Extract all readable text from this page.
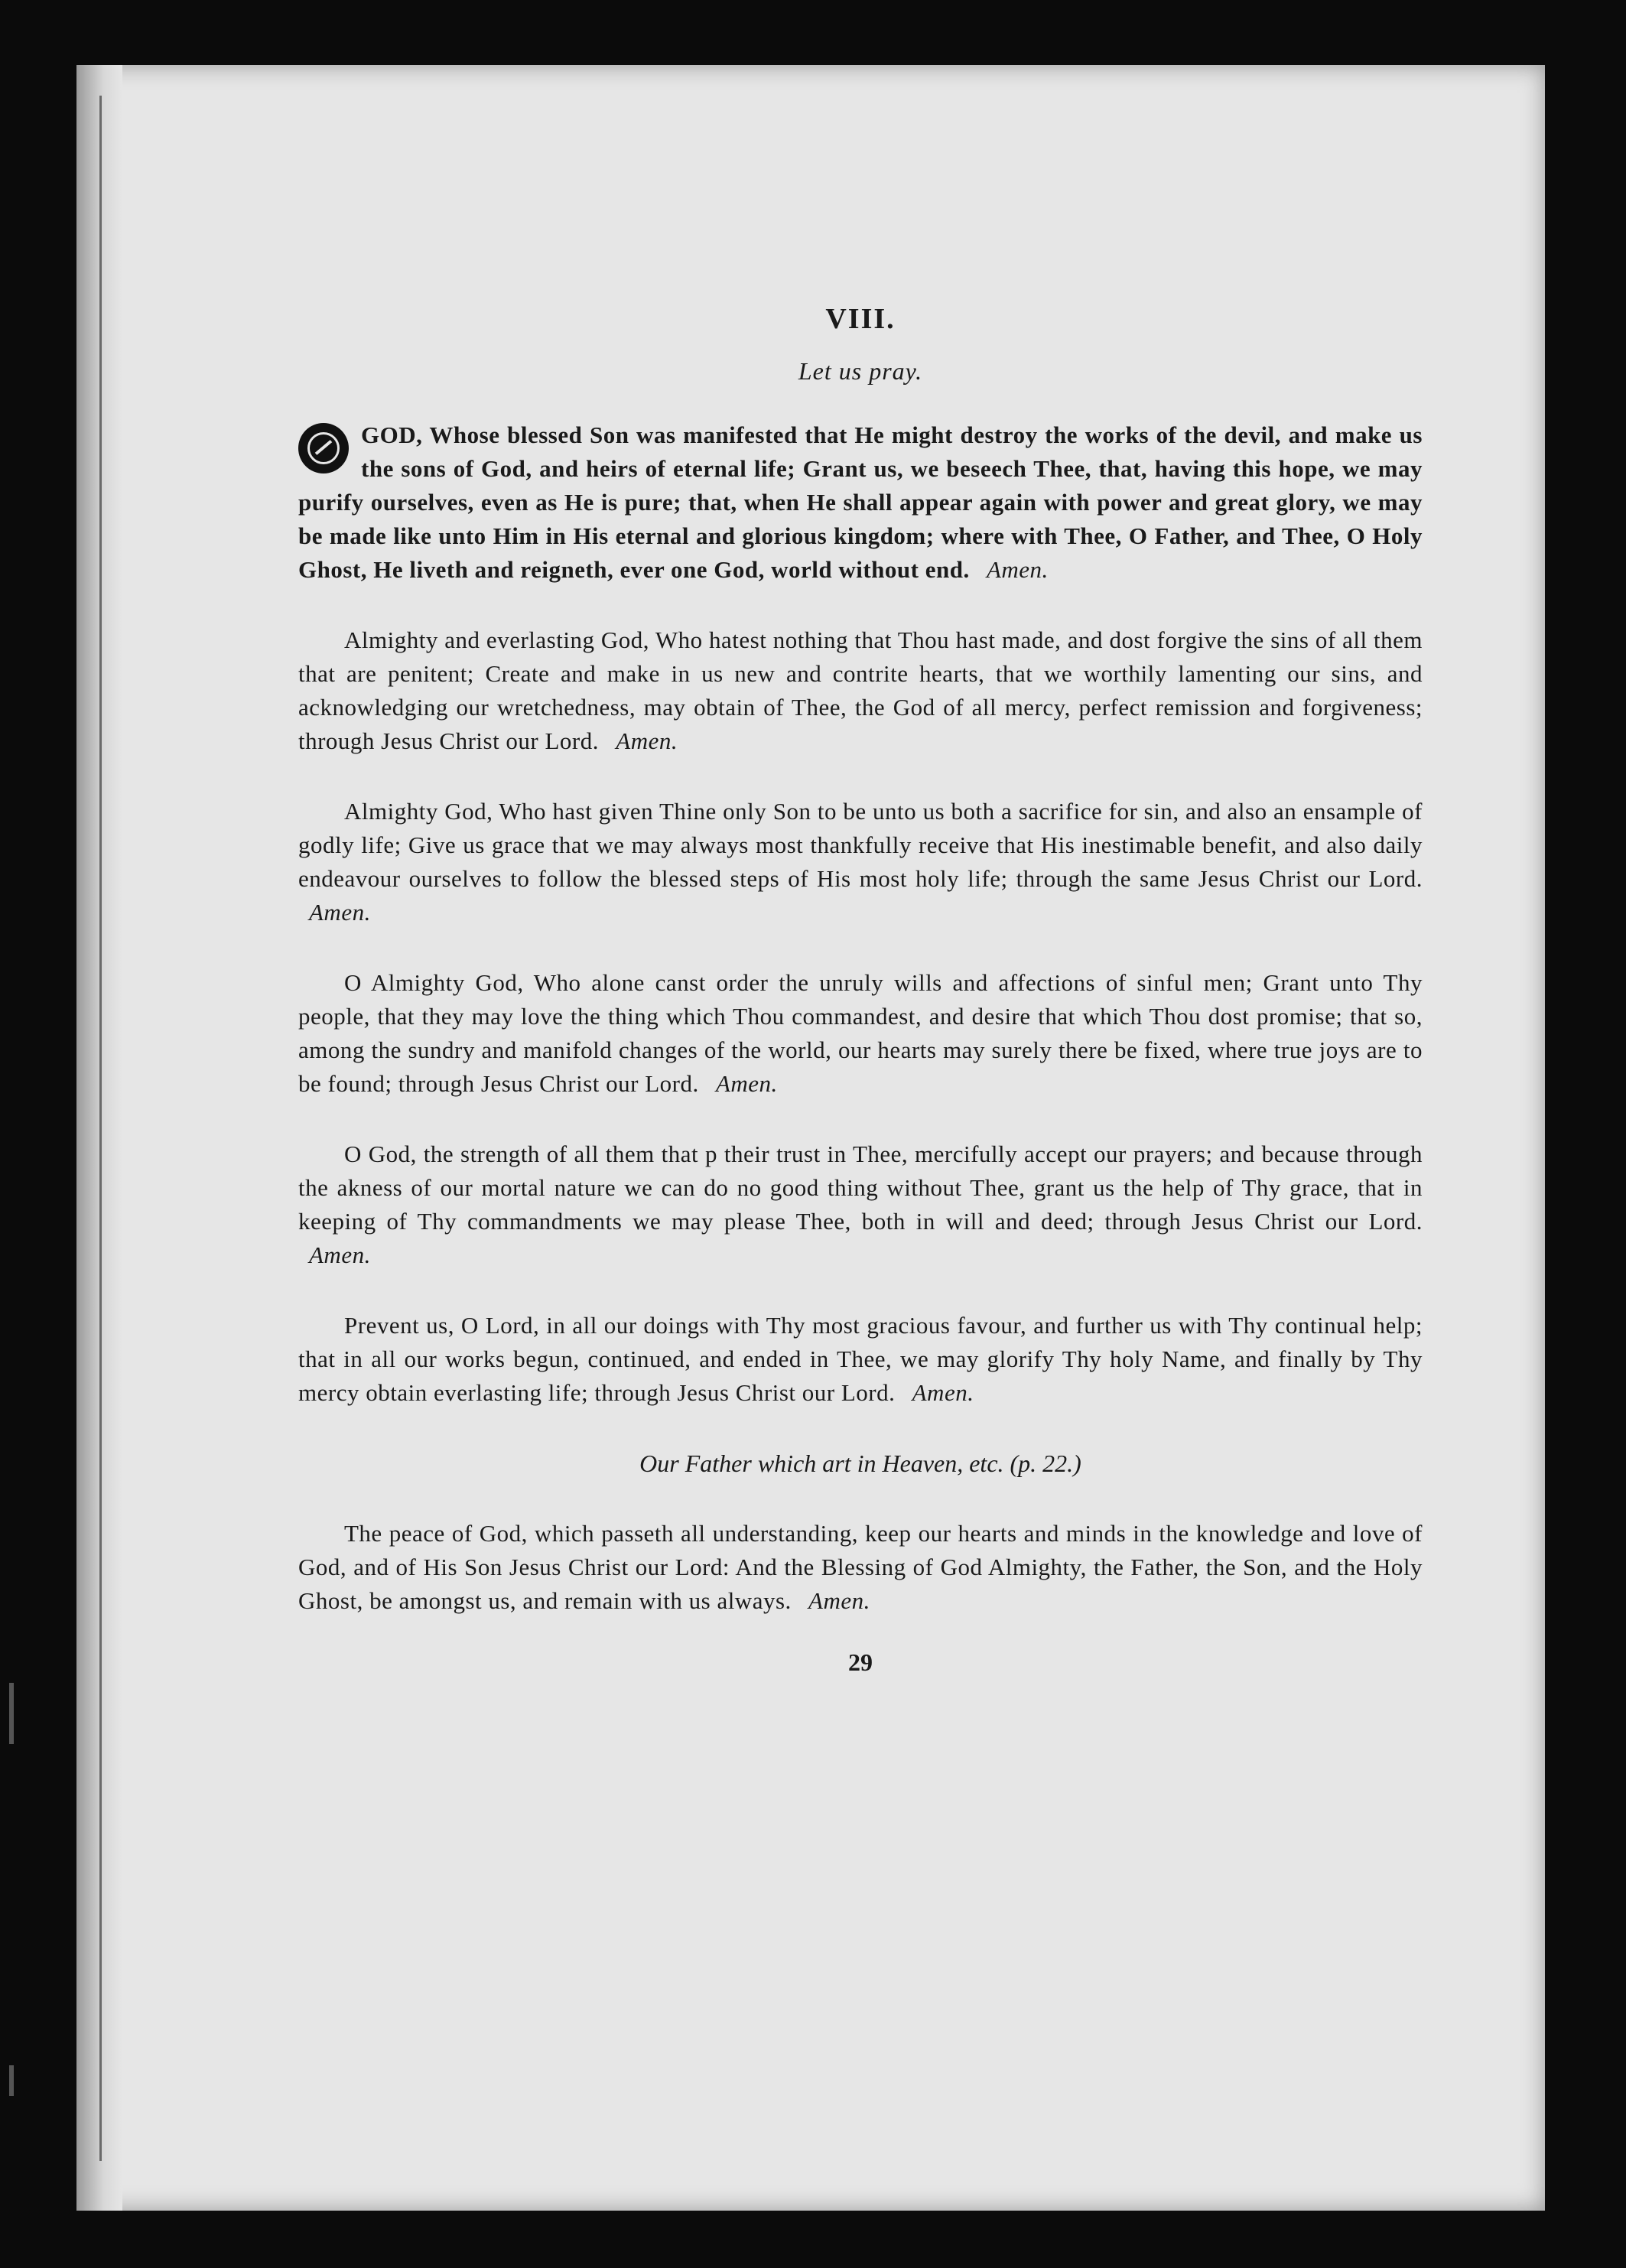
VIII.
Let us pray.

GOD, Whose blessed Son was manifested that He might destroy the works of the devil, and make us the sons of God, and heirs of eternal life; Grant us, we beseech Thee, that, having this hope, we may purify ourselves, even as He is pure; that, when He shall appear again with power and great glory, we may be made like unto Him in His eternal and glorious kingdom; where with Thee, O Father, and Thee, O Holy Ghost, He liveth and reigneth, ever one God, world without end. Amen.

Almighty and everlasting God, Who hatest nothing that Thou hast made, and dost forgive the sins of all them that are penitent; Create and make in us new and contrite hearts, that we worthily lamenting our sins, and acknowledging our wretchedness, may obtain of Thee, the God of all mercy, perfect remission and forgiveness; through Jesus Christ our Lord. Amen.

Almighty God, Who hast given Thine only Son to be unto us both a sacrifice for sin, and also an ensample of godly life; Give us grace that we may always most thankfully receive that His inestimable benefit, and also daily endeavour ourselves to follow the blessed steps of His most holy life; through the same Jesus Christ our Lord. Amen.

O Almighty God, Who alone canst order the unruly wills and affections of sinful men; Grant unto Thy people, that they may love the thing which Thou commandest, and desire that which Thou dost promise; that so, among the sundry and manifold changes of the world, our hearts may surely there be fixed, where true joys are to be found; through Jesus Christ our Lord. Amen.

O God, the strength of all them that p their trust in Thee, mercifully accept our prayers; and because through the akness of our mortal nature we can do no good thing without Thee, grant us the help of Thy grace, that in keeping of Thy commandments we may please Thee, both in will and deed; through Jesus Christ our Lord. Amen.

Prevent us, O Lord, in all our doings with Thy most gracious favour, and further us with Thy continual help; that in all our works begun, continued, and ended in Thee, we may glorify Thy holy Name, and finally by Thy mercy obtain everlasting life; through Jesus Christ our Lord. Amen.

Our Father which art in Heaven, etc. (p. 22.)

The peace of God, which passeth all understanding, keep our hearts and minds in the knowledge and love of God, and of His Son Jesus Christ our Lord: And the Blessing of God Almighty, the Father, the Son, and the Holy Ghost, be amongst us, and remain with us always. Amen.

29
